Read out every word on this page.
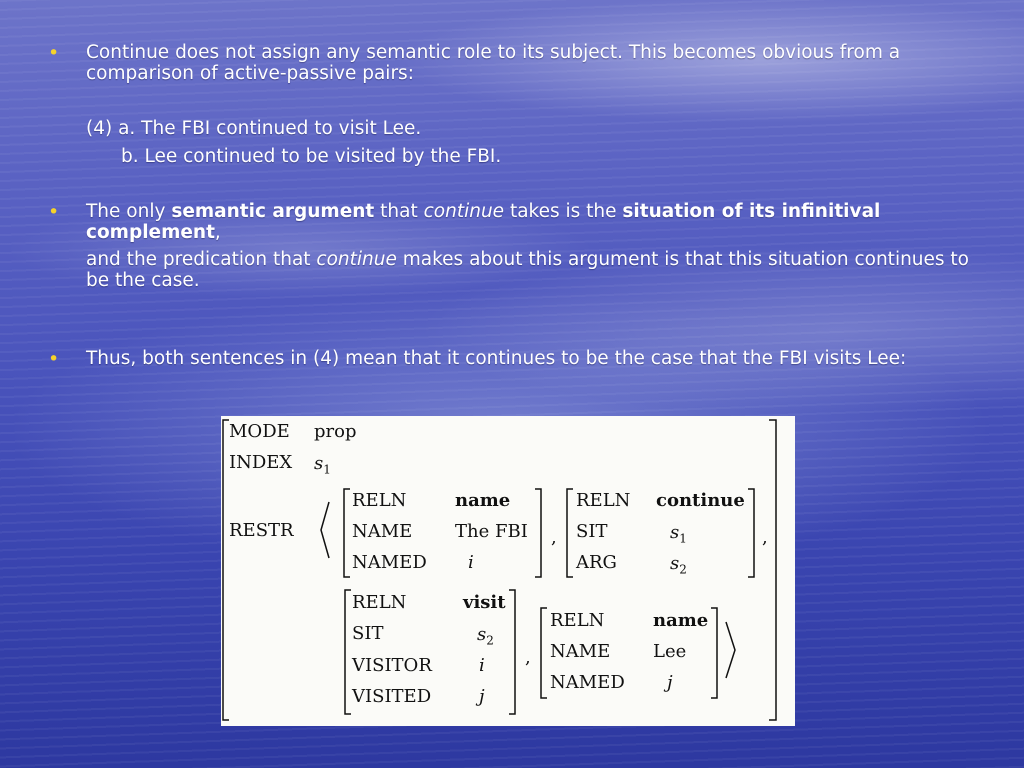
• Continue does not assign any semantic role to its subject. This becomes obvious from a comparison of active-passive pairs:
(4) a. The FBI continued to visit Lee.
b. Lee continued to be visited by the FBI.
• The only semantic argument that continue takes is the situation of its infinitival complement,
and the predication that continue makes about this argument is that this situation continues to be the case.
• Thus, both sentences in (4) mean that it continues to be the case that the FBI visits Lee:
MODE prop
INDEX $s_1$
RESTR
RELN	name
NAME The FBI
NAMED i
,
RELN continue
SIT	$s_1$
ARG	$s_2$
,
RELN	visit
SIT	$s_2$
VISITOR	i
VISITED	j
,
RELN	name
NAME Lee
NAMED j
